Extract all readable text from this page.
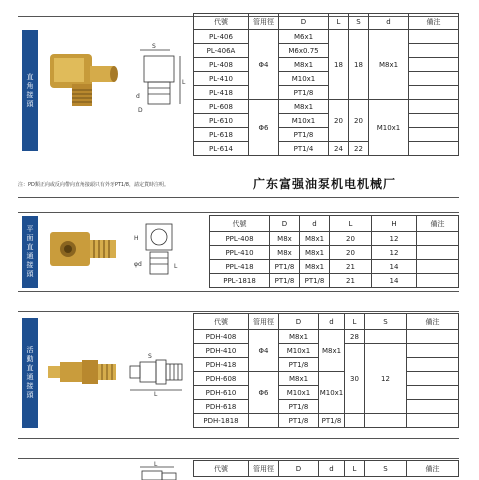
直
角
接
頭
S
L
d
D
代號	管用徑	D	L	S	d	備注
PL-406	Φ4	M6x1	18	18	M8x1	
PL-406A		M6x0.75				
PL-408		M8x1				
PL-410		M10x1				
PL-418		PT1/8				
PL-608	Φ6	M8x1	20	20	M10x1	
PL-610		M10x1				
PL-618		PT1/8				
PL-614		PT1/4	24	22		
注：PD類正向或反向帶向直角接頭只有外牙PT1/8，請定貨時注明。	广东富强油泵机电机械厂
平
面
直
通
接
頭
H
φd	L
代號	D	d	L	H	備注
PPL-408	M8x	M8x1	20	12	
PPL-410	M8x	M8x1	20	12	
PPL-418	PT1/8	M8x1	21	14	
PPL-1818	PT1/8	PT1/8	21	14	
活
動
直
通
接
頭	L
S
代號	管用徑	D	d	L	S	備注
PDH-408	Φ4	M8x1	M8x1	28		
PDH-410		M10x1		30	12	
PDH-418		PT1/8				
PDH-608	Φ6	M8x1	M10x1			
PDH-610		M10x1				
PDH-618		PT1/8				
PDH-1818		PT1/8	PT1/8			
L	代號	管用徑	D	d	L	S	備注
